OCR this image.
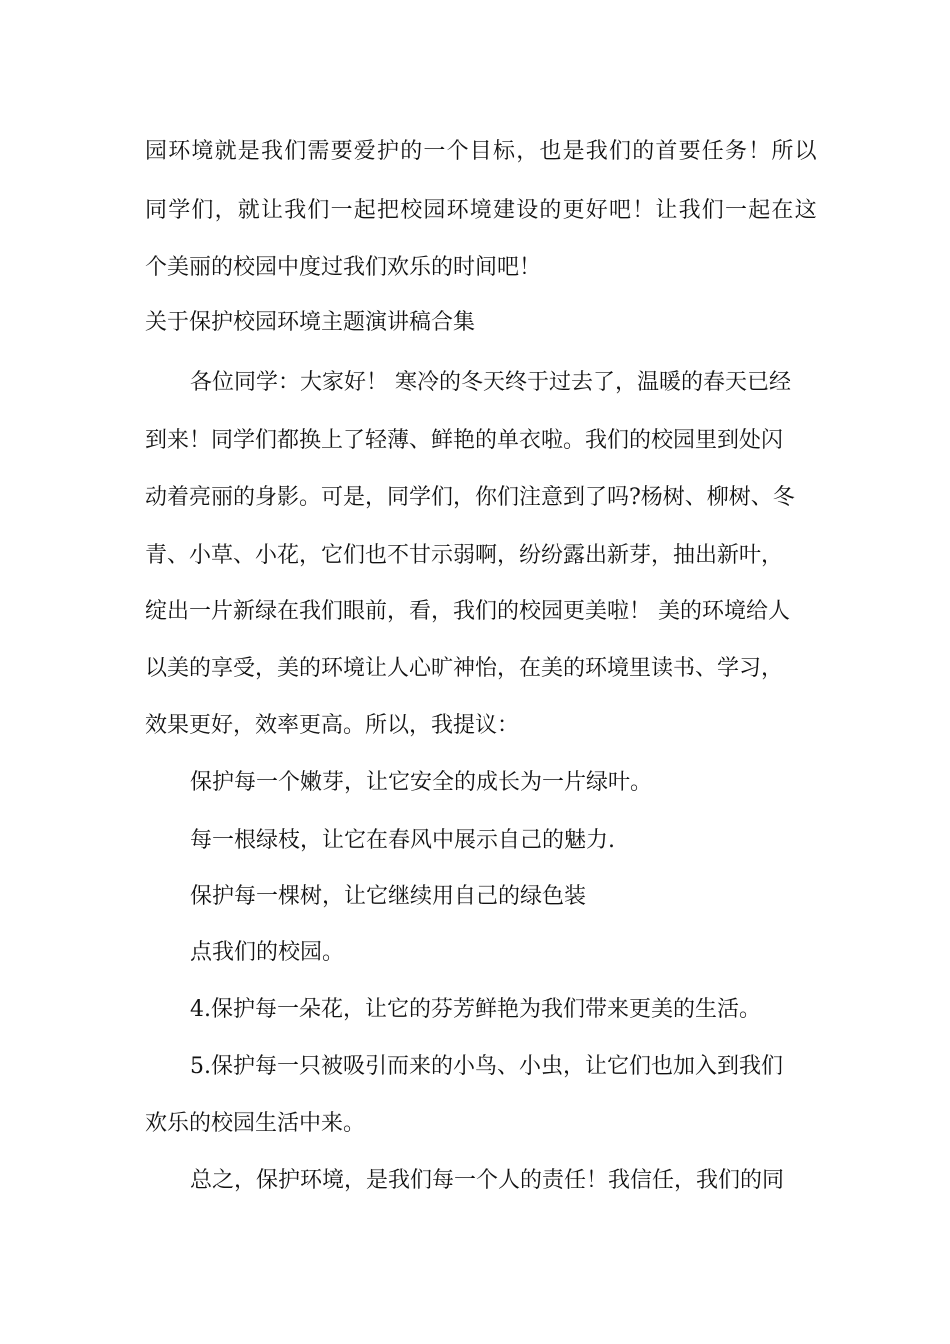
园环境就是我们需要爱护的一个目标，也是我们的首要任务！所以
同学们，就让我们一起把校园环境建设的更好吧！让我们一起在这
个美丽的校园中度过我们欢乐的时间吧！
关于保护校园环境主题演讲稿合集
各位同学：大家好！ 寒冷的冬天终于过去了，温暖的春天已经
到来！同学们都换上了轻薄、鲜艳的单衣啦。我们的校园里到处闪
动着亮丽的身影。可是，同学们，你们注意到了吗?杨树、柳树、冬
青、小草、小花，它们也不甘示弱啊，纷纷露出新芽，抽出新叶，
绽出一片新绿在我们眼前，看，我们的校园更美啦！ 美的环境给人
以美的享受，美的环境让人心旷神怡，在美的环境里读书、学习，
效果更好，效率更高。所以，我提议：
保护每一个嫩芽，让它安全的成长为一片绿叶。
每一根绿枝，让它在春风中展示自己的魅力.
保护每一棵树，让它继续用自己的绿色装
点我们的校园。
4.保护每一朵花，让它的芬芳鲜艳为我们带来更美的生活。
5.保护每一只被吸引而来的小鸟、小虫，让它们也加入到我们
欢乐的校园生活中来。
总之，保护环境，是我们每一个人的责任！我信任，我们的同
